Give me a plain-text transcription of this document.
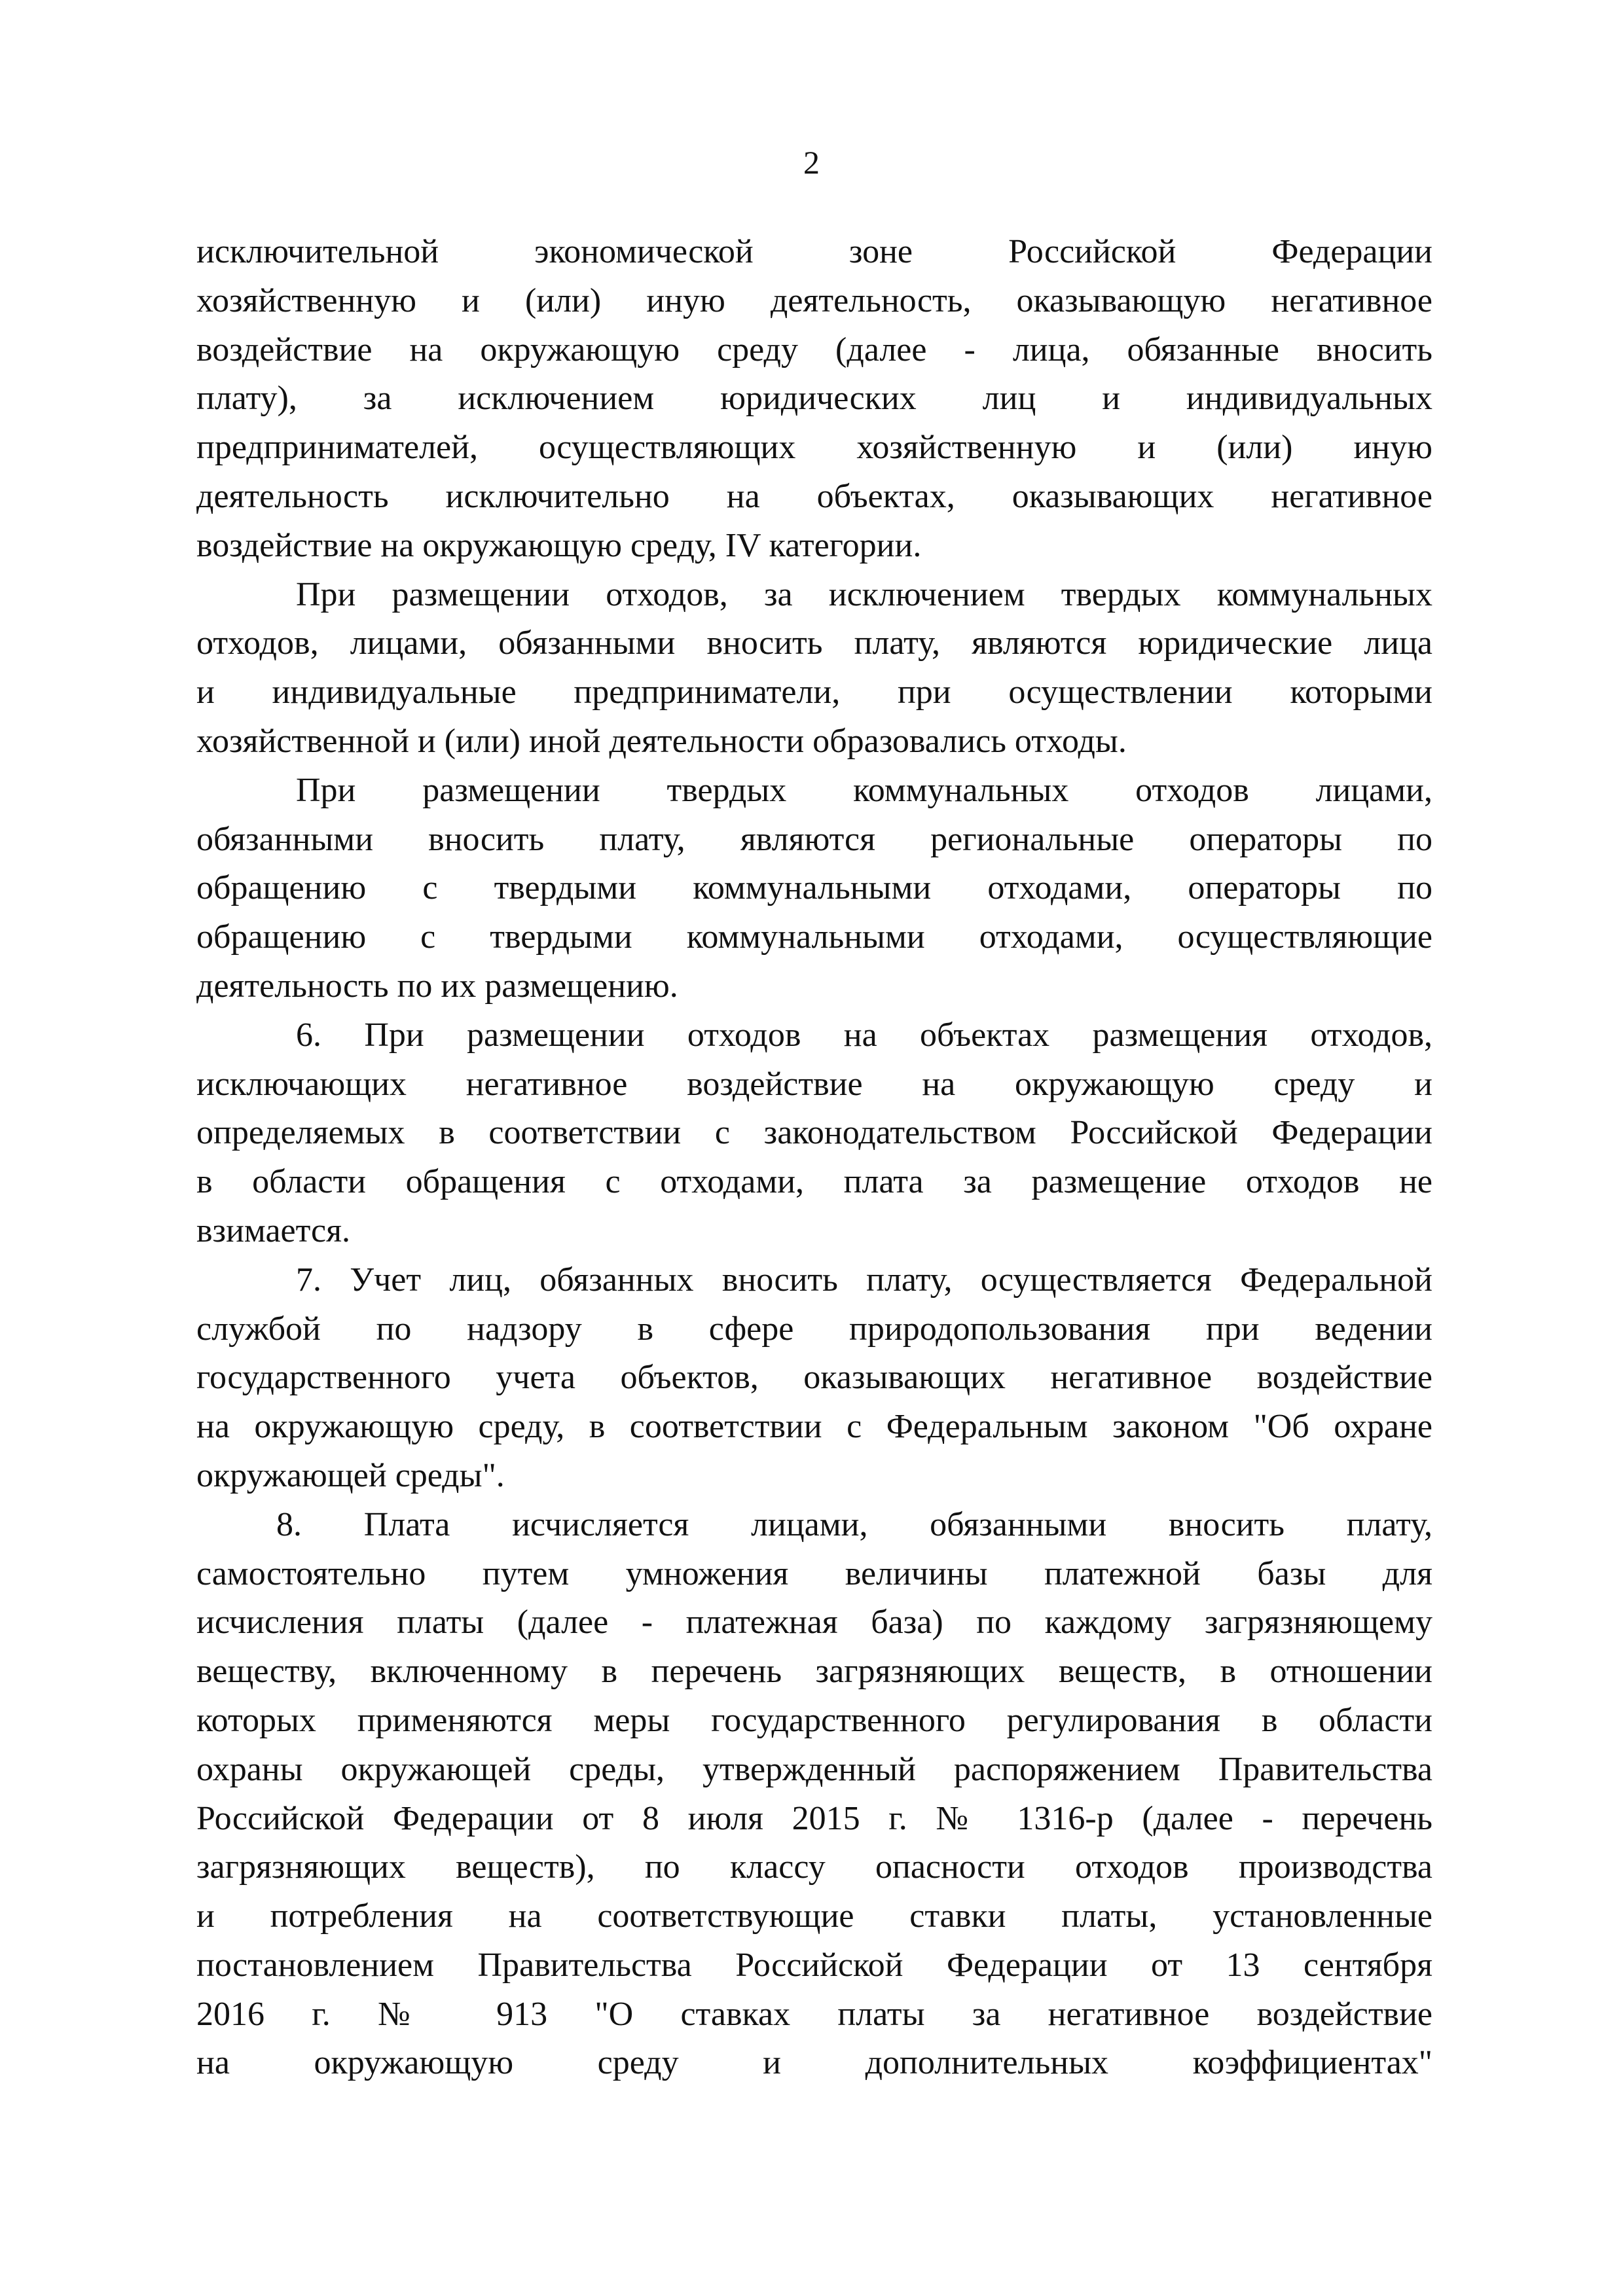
2

исключительной экономической зоне Российской Федерации
хозяйственную и (или) иную деятельность, оказывающую негативное
воздействие на окружающую среду (далее - лица, обязанные вносить
плату), за исключением юридических лиц и индивидуальных
предпринимателей, осуществляющих хозяйственную и (или) иную
деятельность исключительно на объектах, оказывающих негативное
воздействие на окружающую среду, IV категории.

При размещении отходов, за исключением твердых коммунальных
отходов, лицами, обязанными вносить плату, являются юридические лица
и индивидуальные предприниматели, при осуществлении которыми
хозяйственной и (или) иной деятельности образовались отходы.

При размещении твердых коммунальных отходов лицами,
обязанными вносить плату, являются региональные операторы по
обращению с твердыми коммунальными отходами, операторы по
обращению с твердыми коммунальными отходами, осуществляющие
деятельность по их размещению.

6. При размещении отходов на объектах размещения отходов,
исключающих негативное воздействие на окружающую среду и
определяемых в соответствии с законодательством Российской Федерации
в области обращения с отходами, плата за размещение отходов не
взимается.

7. Учет лиц, обязанных вносить плату, осуществляется Федеральной
службой по надзору в сфере природопользования при ведении
государственного учета объектов, оказывающих негативное воздействие
на окружающую среду, в соответствии с Федеральным законом "Об охране
окружающей среды".

8. Плата исчисляется лицами, обязанными вносить плату,
самостоятельно путем умножения величины платежной базы для
исчисления платы (далее - платежная база) по каждому загрязняющему
веществу, включенному в перечень загрязняющих веществ, в отношении
которых применяются меры государственного регулирования в области
охраны окружающей среды, утвержденный распоряжением Правительства
Российской Федерации от 8 июля 2015 г. № 1316-р (далее - перечень
загрязняющих веществ), по классу опасности отходов производства
и потребления на соответствующие ставки платы, установленные
постановлением Правительства Российской Федерации от 13 сентября
2016 г. № 913 "О ставках платы за негативное воздействие
на окружающую среду и дополнительных коэффициентах"
